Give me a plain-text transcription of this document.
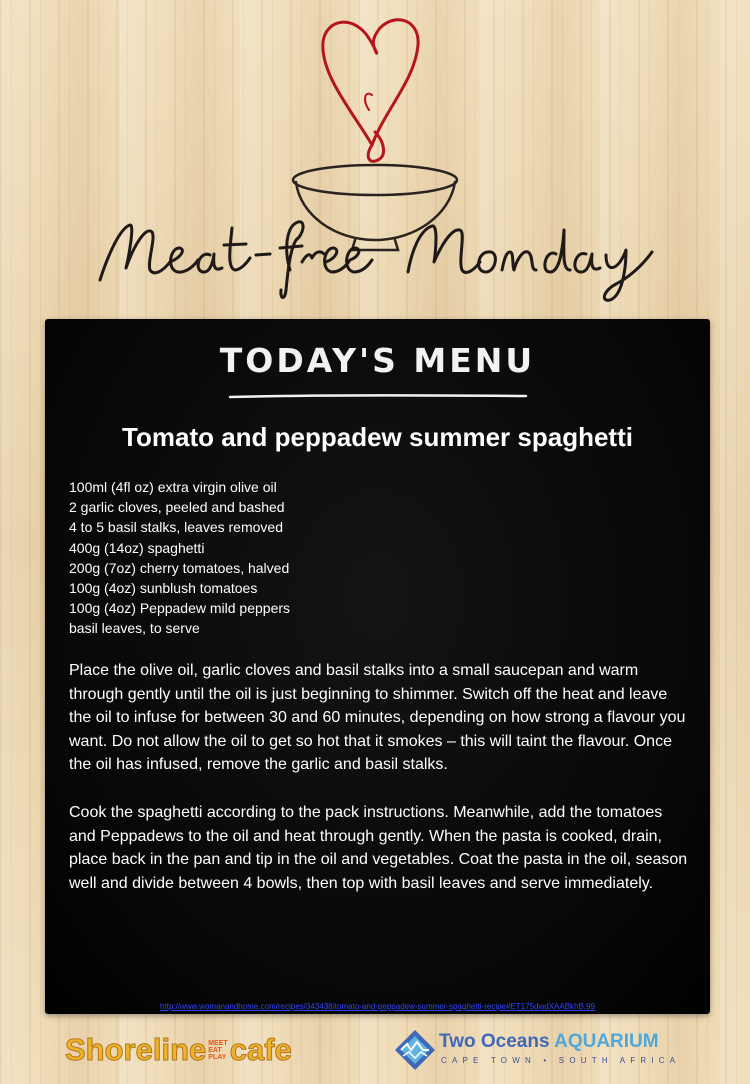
TODAY'S MENU
Tomato and peppadew summer spaghetti
100ml (4fl oz) extra virgin olive oil
2 garlic cloves, peeled and bashed
4 to 5 basil stalks, leaves removed
400g (14oz) spaghetti
200g (7oz) cherry tomatoes, halved
100g (4oz) sunblush tomatoes
100g (4oz) Peppadew mild peppers
basil leaves, to serve

Place the olive oil, garlic cloves and basil stalks into a small saucepan and warm through gently until the oil is just beginning to shimmer. Switch off the heat and leave the oil to infuse for between 30 and 60 minutes, depending on how strong a flavour you want. Do not allow the oil to get so hot that it smokes – this will taint the flavour. Once the oil has infused, remove the garlic and basil stalks.

Cook the spaghetti according to the pack instructions. Meanwhile, add the tomatoes and Peppadews to the oil and heat through gently. When the pasta is cooked, drain, place back in the pan and tip in the oil and vegetables. Coat the pasta in the oil, season well and divide between 4 bowls, then top with basil leaves and serve immediately.

http://www.womanandhome.com/recipes/343438/tomato-and-peppadew-summer-spaghetti-recipe#ET175dwdXAABkhB.99
Shoreline MEET
EAT
PLAY cafe	Two Oceans AQUARIUM
CAPE TOWN • SOUTH AFRICA
